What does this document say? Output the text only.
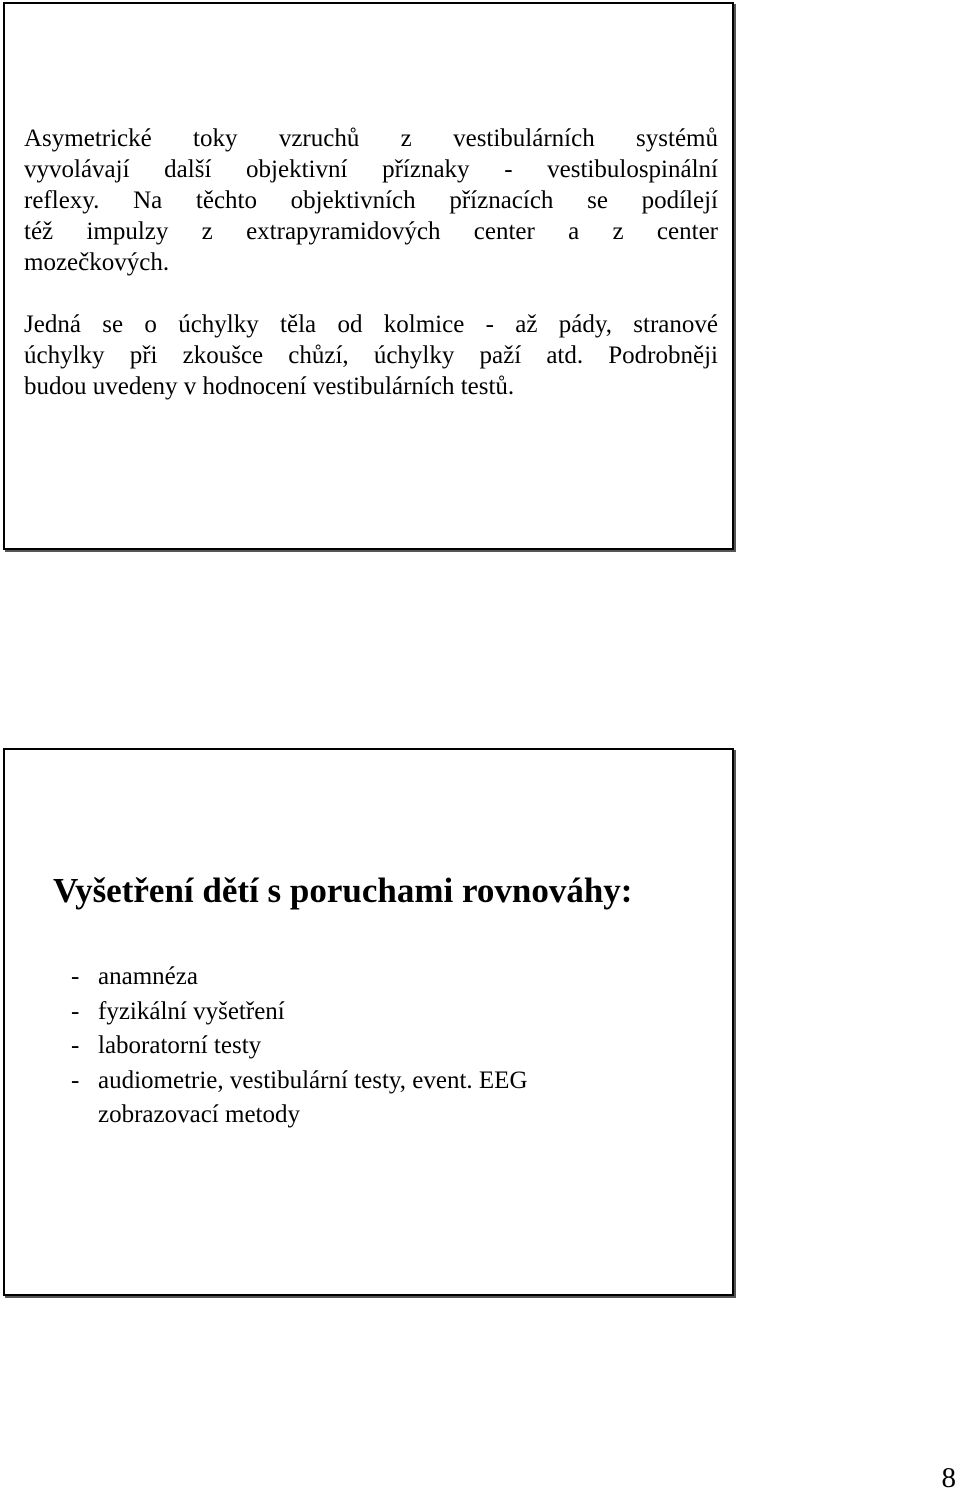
Asymetrické toky vzruchů z vestibulárních systémů
vyvolávají další objektivní příznaky - vestibulospinální
reflexy. Na těchto objektivních příznacích se podílejí
též impulzy z extrapyramidových center a z center
mozečkových.

Jedná se o úchylky těla od kolmice - až pády, stranové
úchylky při zkoušce chůzí, úchylky paží atd. Podrobněji
budou uvedeny v hodnocení vestibulárních testů.

Vyšetření dětí s poruchami rovnováhy:
- anamnéza
- fyzikální vyšetření
- laboratorní testy
- audiometrie, vestibulární testy, event. EEG
zobrazovací metody
8
